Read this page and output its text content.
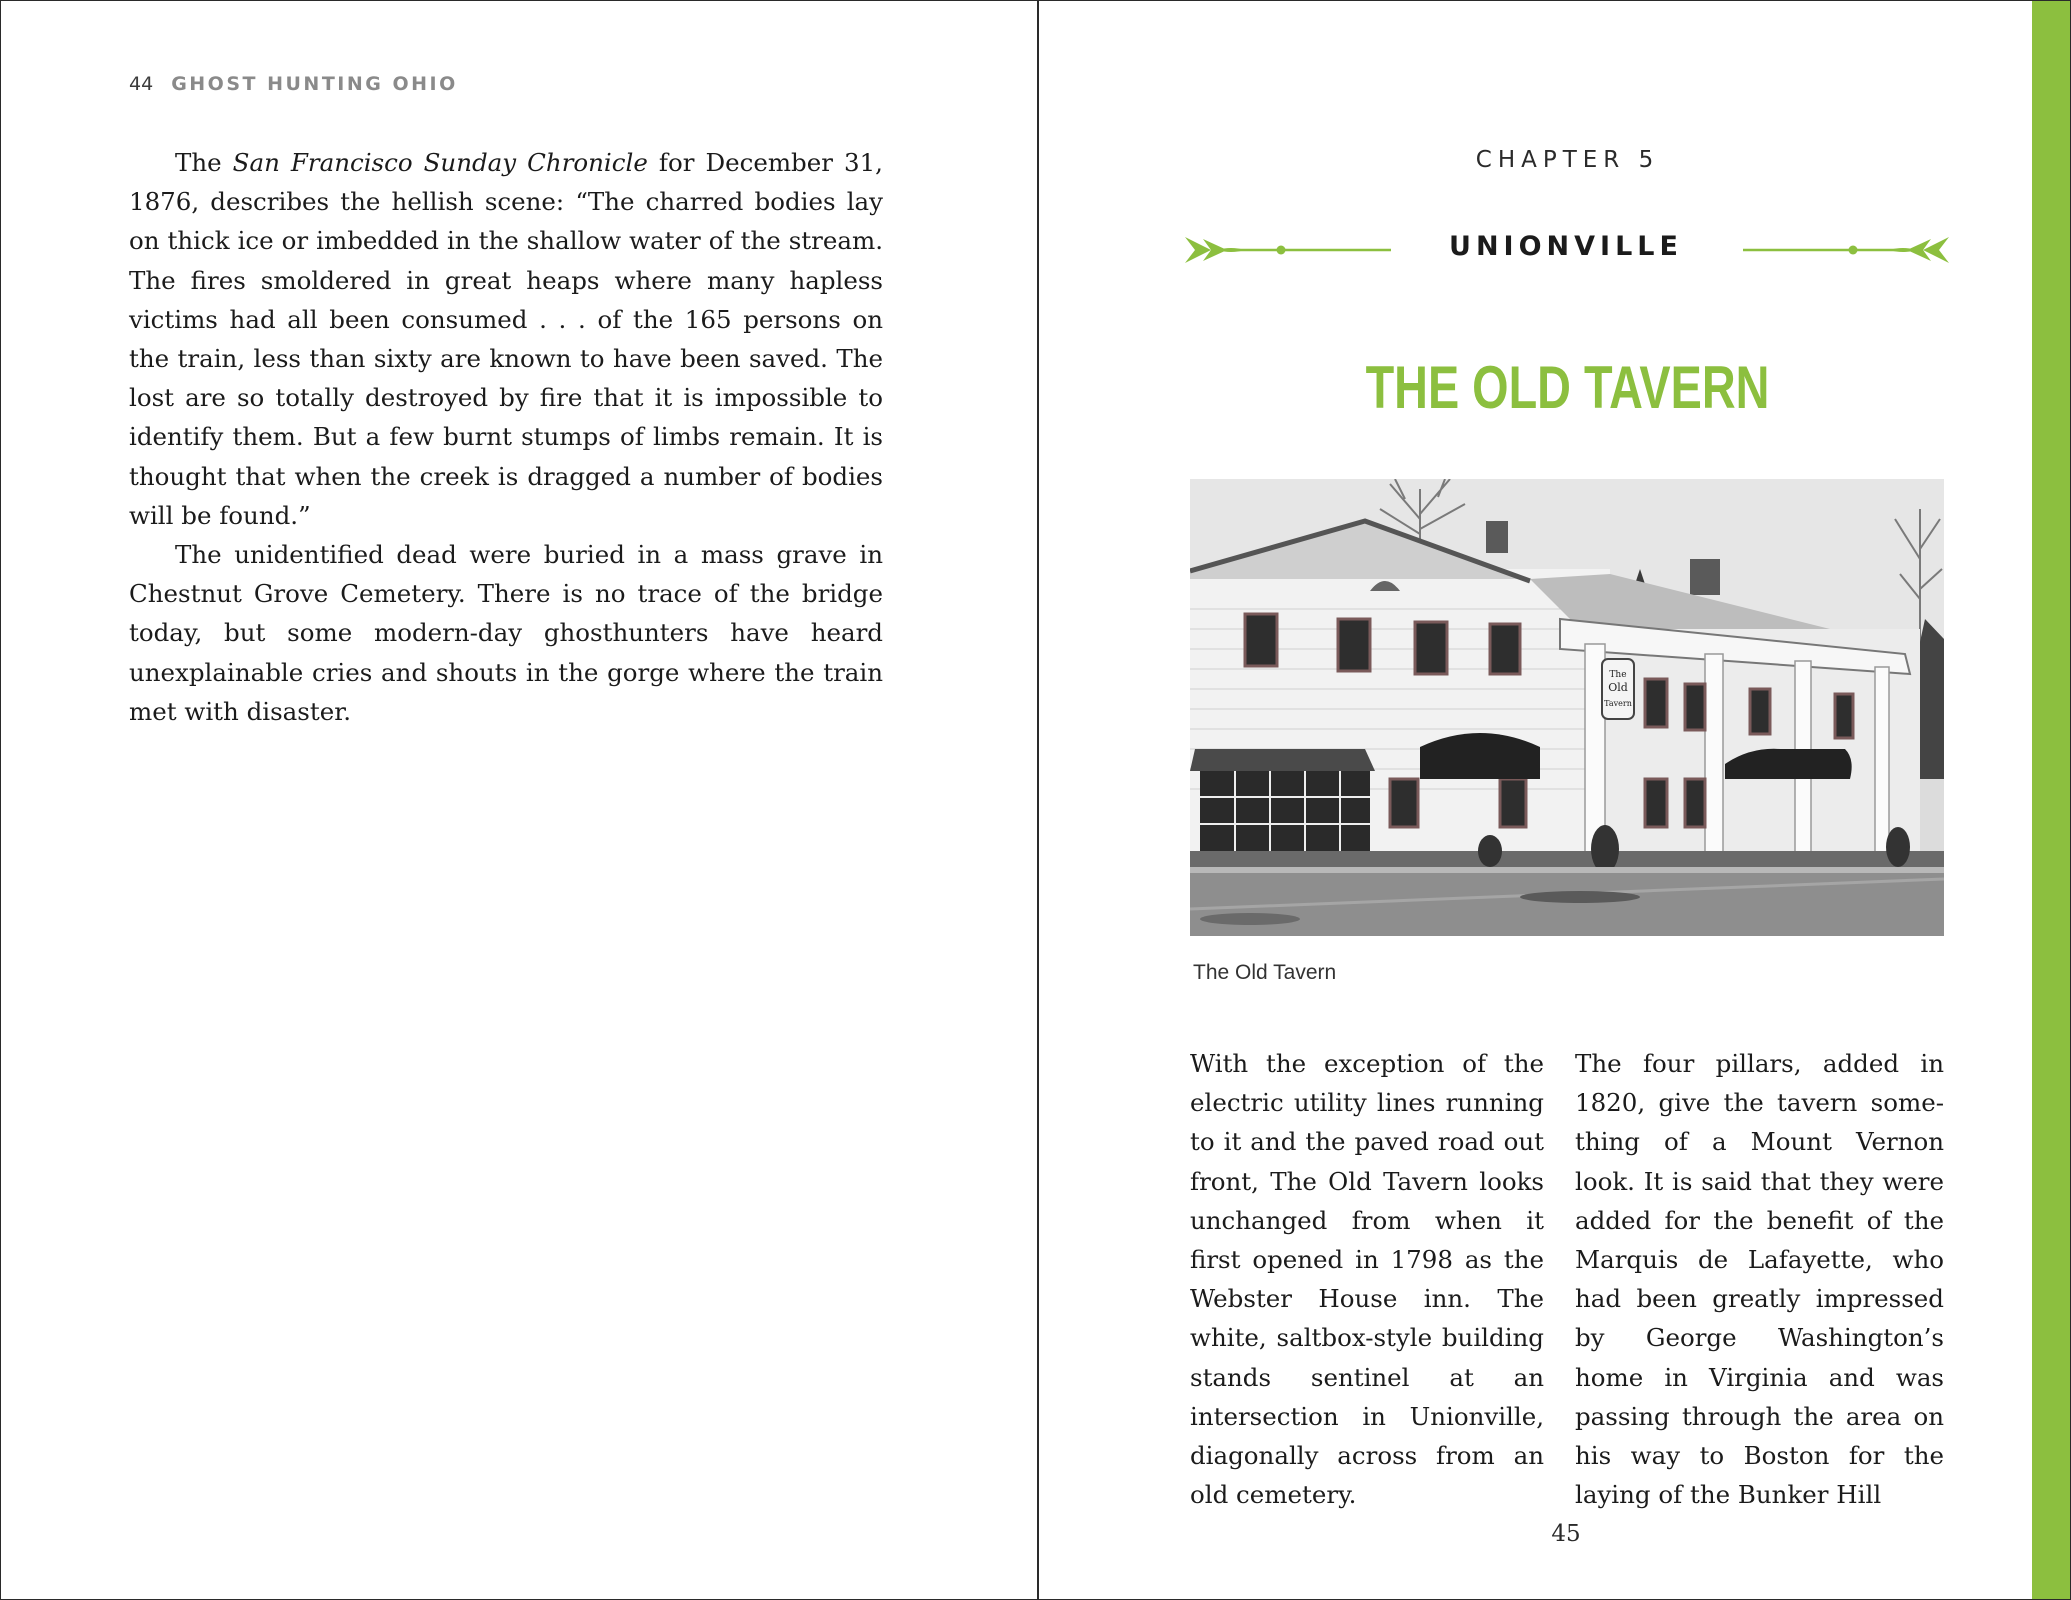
44 GHOST HUNTING OHIO

The San Francisco Sunday Chronicle for December 31, 1876, describes the hellish scene: “The charred bodies lay on thick ice or imbedded in the shallow water of the stream. The fires smoldered in great heaps where many hapless victims had all been consumed . . . of the 165 persons on the train, less than sixty are known to have been saved. The lost are so totally destroyed by fire that it is impossible to identify them. But a few burnt stumps of limbs remain. It is thought that when the creek is dragged a number of bodies will be found.”

The unidentified dead were buried in a mass grave in Chestnut Grove Cemetery. There is no trace of the bridge today, but some modern-day ghosthunters have heard unexplainable cries and shouts in the gorge where the train met with disaster.

CHAPTER 5
UNIONVILLE
THE OLD TAVERN
The
Old
Tavern
The Old Tavern

With the exception of the electric utility lines running to it and the paved road out front, The Old Tavern looks unchanged from when it first opened in 1798 as the Webster House inn. The white, saltbox-style building stands sentinel at an intersection in Unionville, diagonally across from an old cemetery.

The four pillars, added in 1820, give the tavern something of a Mount Vernon look. It is said that they were added for the benefit of the Marquis de Lafayette, who had been greatly impressed by George Washington’s home in Virginia and was passing through the area on his way to Boston for the laying of the Bunker Hill

45
